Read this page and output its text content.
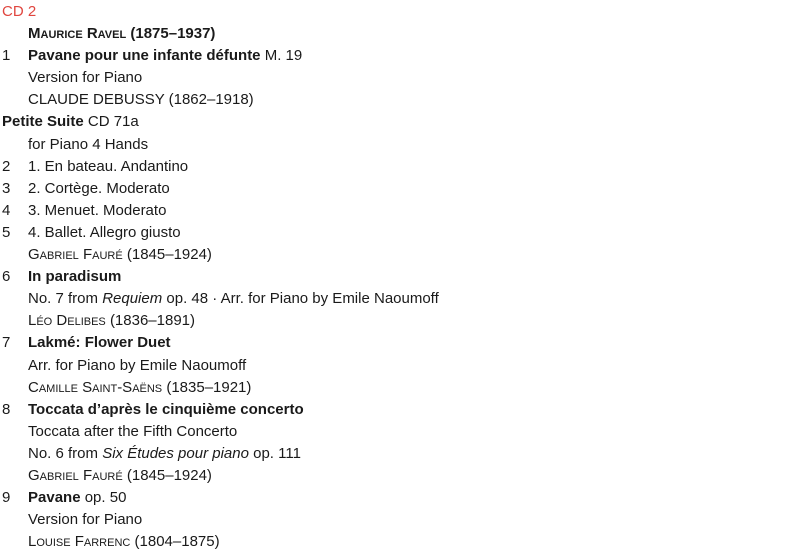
CD 2
Maurice Ravel (1875–1937)
1	Pavane pour une infante défunte M. 19
Version for Piano
CLAUDE DEBUSSY (1862–1918)
Petite Suite CD 71a
for Piano 4 Hands
2	1. En bateau. Andantino
3	2. Cortège. Moderato
4	3. Menuet. Moderato
5	4. Ballet. Allegro giusto
Gabriel Fauré (1845–1924)
6	In paradisum
No. 7 from Requiem op. 48 · Arr. for Piano by Emile Naoumoff
Léo Delibes (1836–1891)
7	Lakmé: Flower Duet
Arr. for Piano by Emile Naoumoff
Camille Saint-Saëns (1835–1921)
8	Toccata d’après le cinquième concerto
Toccata after the Fifth Concerto
No. 6 from Six Études pour piano op. 111
Gabriel Fauré (1845–1924)
9	Pavane op. 50
Version for Piano
Louise Farrenc (1804–1875)
